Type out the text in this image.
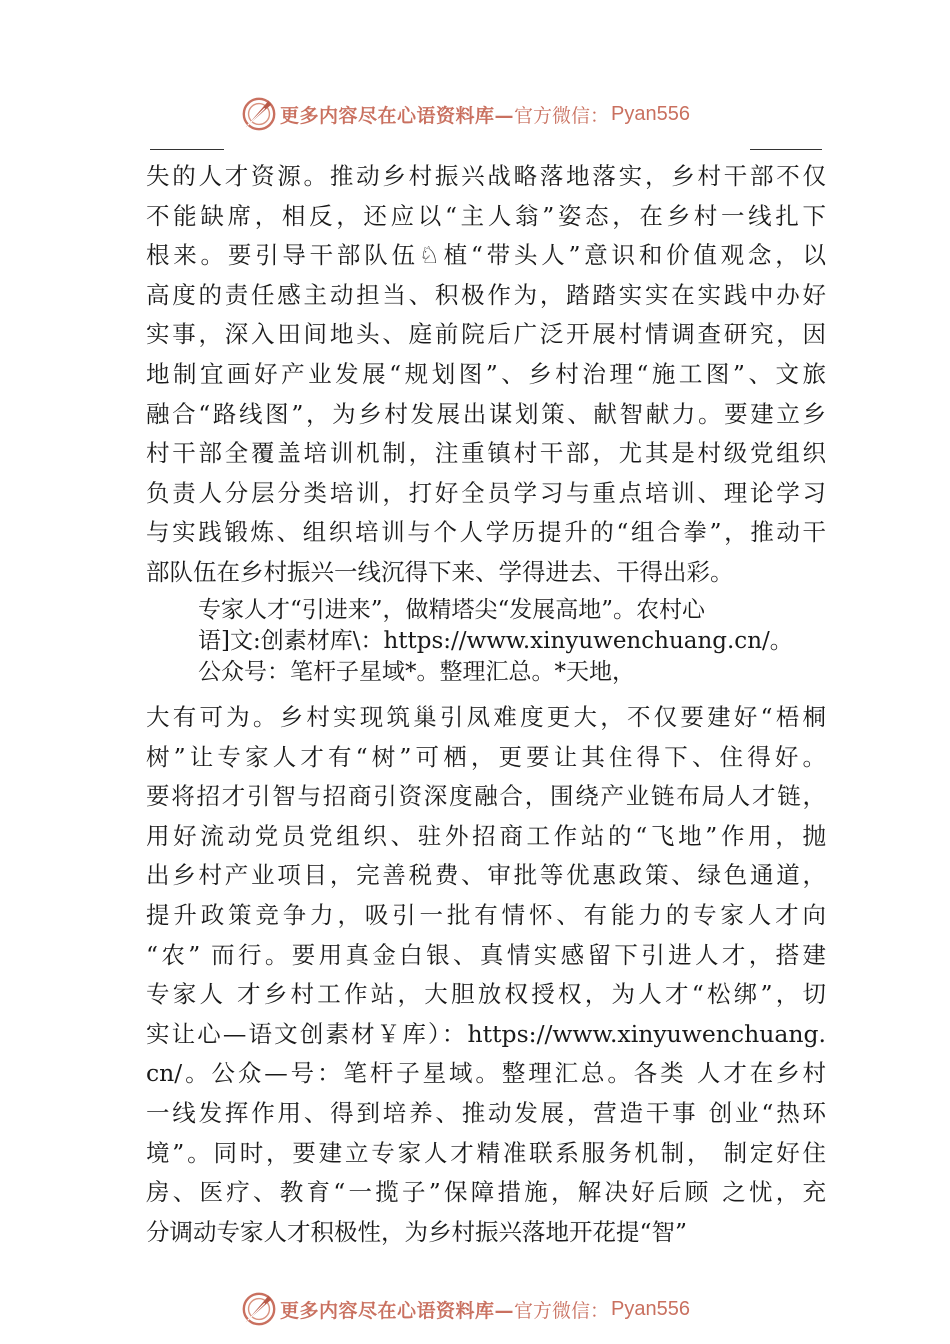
更多内容尽在心语资料库— 官方微信： Pyan556
失的人才资源。推动乡村振兴战略落地落实，乡村干部不仅
不能缺席，相反，还应以“主人翁”姿态，在乡村一线扎下
根来。要引导干部队伍♘植“带头人”意识和价值观念，以
高度的责任感主动担当、积极作为，踏踏实实在实践中办好
实事，深入田间地头、庭前院后广泛开展村情调查研究，因
地制宜画好产业发展“规划图”、乡村治理“施工图”、文旅
融合“路线图”，为乡村发展出谋划策、献智献力。要建立乡
村干部全覆盖培训机制，注重镇村干部，尤其是村级党组织
负责人分层分类培训，打好全员学习与重点培训、理论学习
与实践锻炼、组织培训与个人学历提升的“组合拳”，推动干
部队伍在乡村振兴一线沉得下来、学得进去、干得出彩。
专家人才“引进来”，做精塔尖“发展高地”。农村心
语]文:创素材库\：https://www.xinyuwenchuang.cn/。
公众号：笔杆子星域*。整理汇总。*天地，
大有可为。乡村实现筑巢引凤难度更大，不仅要建好“梧桐
树”让专家人才有“树”可栖，更要让其住得下、住得好。
要将招才引智与招商引资深度融合，围绕产业链布局人才链，
用好流动党员党组织、驻外招商工作站的“飞地”作用，抛
出乡村产业项目，完善税费、审批等优惠政策、绿色通道，
提升政策竞争力，吸引一批有情怀、有能力的专家人才向
“农” 而行。要用真金白银、真情实感留下引进人才，搭建
专家人 才乡村工作站，大胆放权授权，为人才“松绑”，切
实让心—语文创素材￥库）：https://www.xinyuwenchuang.
cn/。公众—号：笔杆子星域。整理汇总。各类 人才在乡村
一线发挥作用、得到培养、推动发展，营造干事 创业“热环
境”。同时，要建立专家人才精准联系服务机制， 制定好住
房、医疗、教育“一揽子”保障措施，解决好后顾 之忧，充
分调动专家人才积极性，为乡村振兴落地开花提“智”
更多内容尽在心语资料库— 官方微信： Pyan556
